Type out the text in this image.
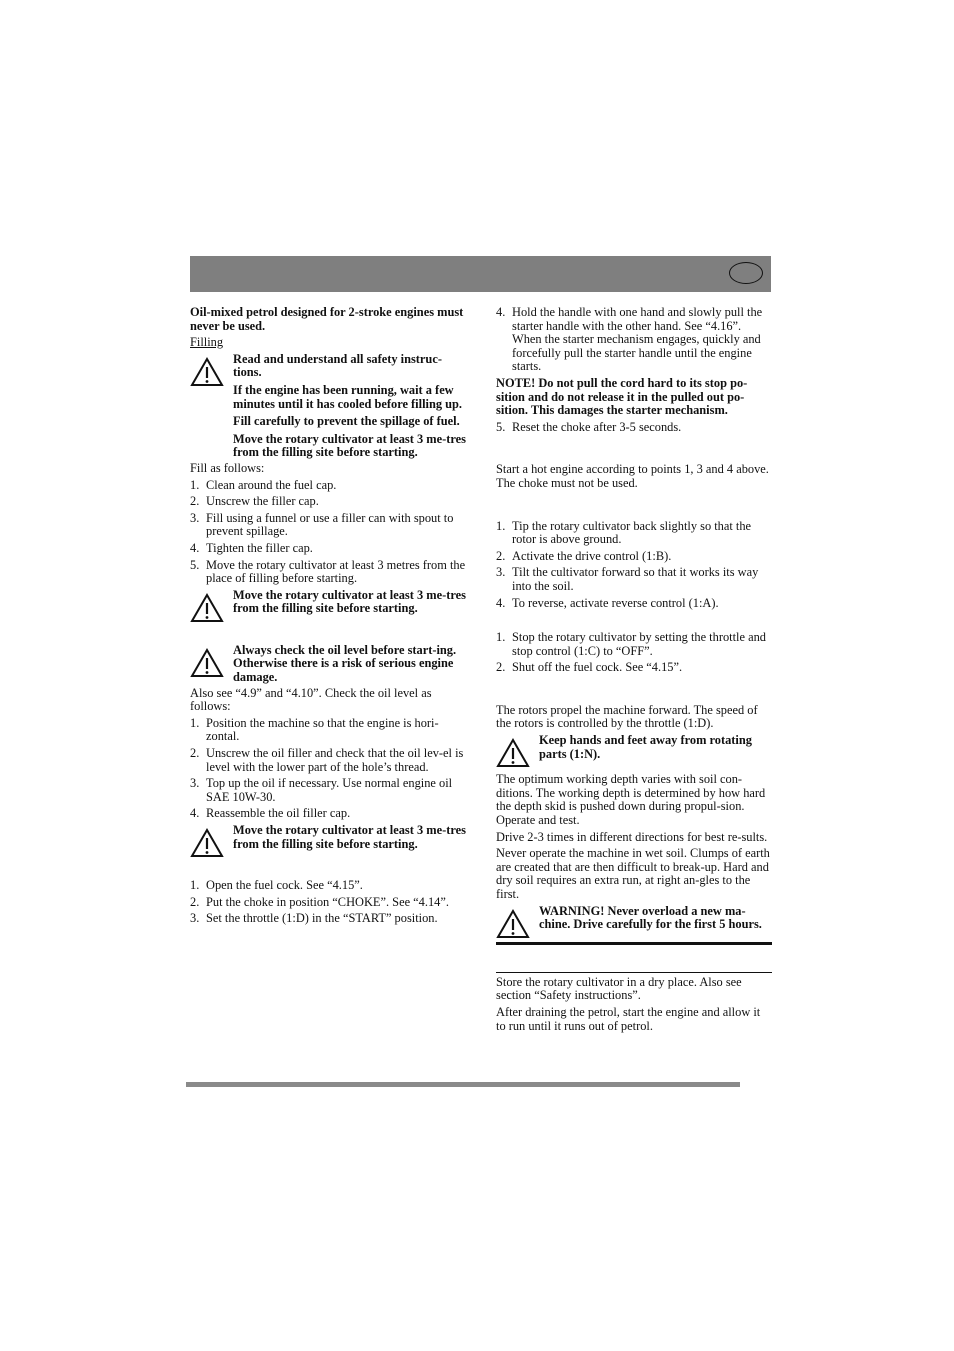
Oil-mixed petrol designed for 2-stroke engines must never be used.

Filling

Read and understand all safety instruc-tions.

If the engine has been running, wait a few minutes until it has cooled before filling up.

Fill carefully to prevent the spillage of fuel.

Move the rotary cultivator at least 3 me-tres from the filling site before starting.

Fill as follows:

1. Clean around the fuel cap.
2. Unscrew the filler cap.
3. Fill using a funnel or use a filler can with spout to prevent spillage.
4. Tighten the filler cap.
5. Move the rotary cultivator at least 3 metres from the place of filling before starting.

Move the rotary cultivator at least 3 me-tres from the filling site before starting.

Always check the oil level before start-ing. Otherwise there is a risk of serious engine damage.

Also see “4.9” and “4.10”. Check the oil level as follows:

1. Position the machine so that the engine is hori-zontal.
2. Unscrew the oil filler and check that the oil lev-el is level with the lower part of the hole’s thread.
3. Top up the oil if necessary. Use normal engine oil SAE 10W-30.
4. Reassemble the oil filler cap.

Move the rotary cultivator at least 3 me-tres from the filling site before starting.

1. Open the fuel cock. See “4.15”.
2. Put the choke in position “CHOKE”. See “4.14”.
3. Set the throttle (1:D) in the “START” position.
4. Hold the handle with one hand and slowly pull the starter handle with the other hand. See “4.16”. When the starter mechanism engages, quickly and forcefully pull the starter handle until the engine starts.

NOTE! Do not pull the cord hard to its stop po-sition and do not release it in the pulled out po-sition. This damages the starter mechanism.

5. Reset the choke after 3-5 seconds.

Start a hot engine according to points 1, 3 and 4 above. The choke must not be used.

1. Tip the rotary cultivator back slightly so that the rotor is above ground.
2. Activate the drive control (1:B).
3. Tilt the cultivator forward so that it works its way into the soil.
4. To reverse, activate reverse control (1:A).
1. Stop the rotary cultivator by setting the throttle and stop control (1:C) to “OFF”.
2. Shut off the fuel cock. See “4.15”.

The rotors propel the machine forward. The speed of the rotors is controlled by the throttle (1:D).

Keep hands and feet away from rotating parts (1:N).

The optimum working depth varies with soil con-ditions. The working depth is determined by how hard the depth skid is pushed down during propul-sion. Operate and test.

Drive 2-3 times in different directions for best re-sults.

Never operate the machine in wet soil. Clumps of earth are created that are then difficult to break-up. Hard and dry soil requires an extra run, at right an-gles to the first.

WARNING! Never overload a new ma-chine. Drive carefully for the first 5 hours.

Store the rotary cultivator in a dry place. Also see section “Safety instructions”.

After draining the petrol, start the engine and allow it to run until it runs out of petrol.
